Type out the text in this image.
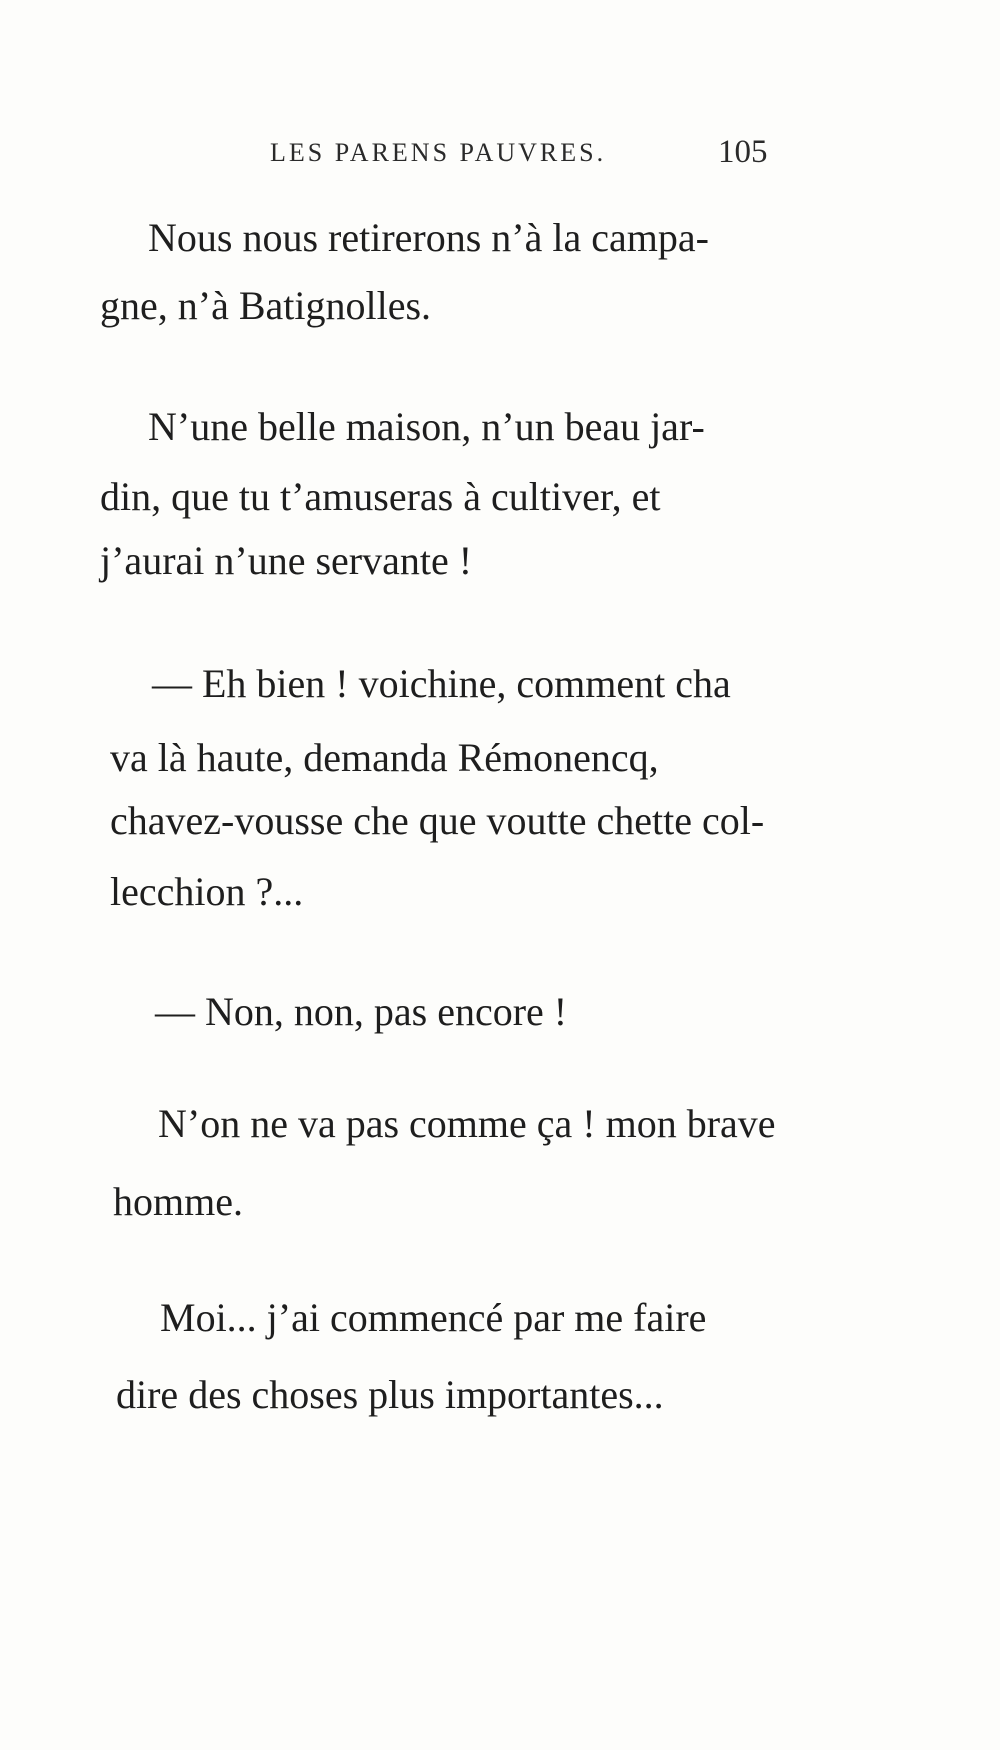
LES PARENS PAUVRES.	105
Nous nous retirerons n’à la campa-
gne, n’à Batignolles.
N’une belle maison, n’un beau jar-
din, que tu t’amuseras à cultiver, et
j’aurai n’une servante !
— Eh bien ! voichine, comment cha
va là haute, demanda Rémonencq,
chavez-vousse che que voutte chette col-
lecchion ?...
— Non, non, pas encore !
N’on ne va pas comme ça ! mon brave
homme.
Moi... j’ai commencé par me faire
dire des choses plus importantes...
